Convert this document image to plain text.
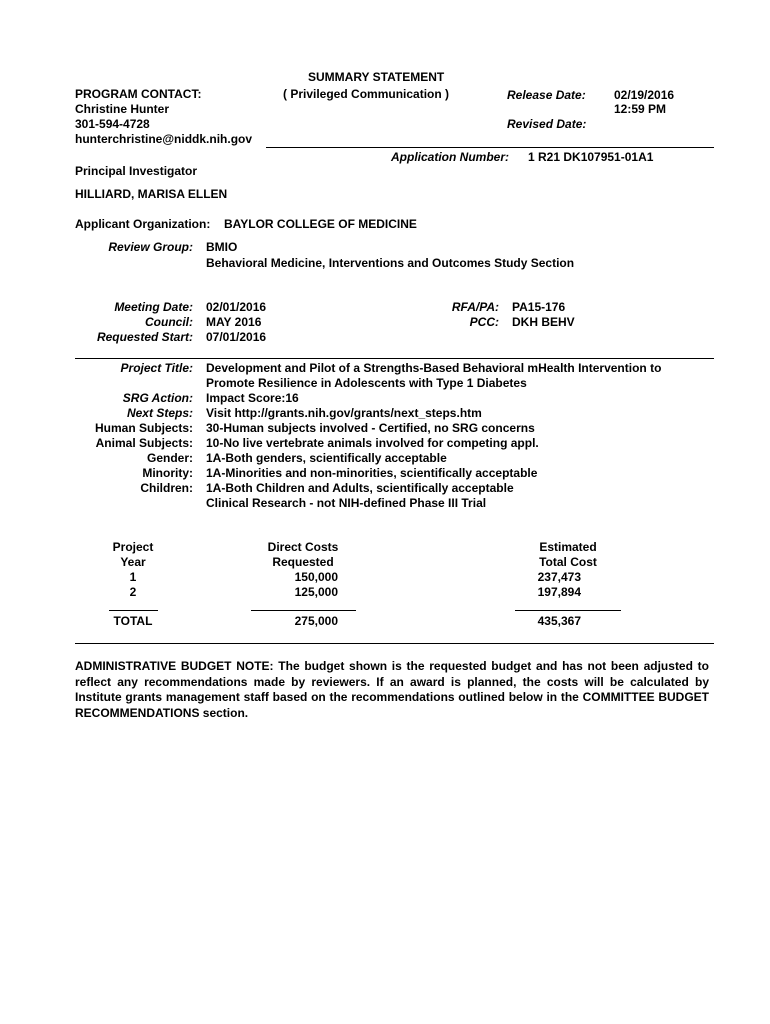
SUMMARY STATEMENT
( Privileged Communication )	Release Date: 02/19/2016
12:59 PM
Revised Date:
PROGRAM CONTACT:
Christine Hunter
301-594-4728
hunterchristine@niddk.nih.gov
Application Number: 1 R21 DK107951-01A1
Principal Investigator
HILLIARD, MARISA ELLEN
Applicant Organization: BAYLOR COLLEGE OF MEDICINE
Review Group: BMIO
Behavioral Medicine, Interventions and Outcomes Study Section
Meeting Date: 02/01/2016
Council: MAY 2016
Requested Start: 07/01/2016
RFA/PA: PA15-176
PCC: DKH BEHV
Project Title: Development and Pilot of a Strengths-Based Behavioral mHealth Intervention to
Promote Resilience in Adolescents with Type 1 Diabetes
SRG Action: Impact Score:16
Next Steps: Visit http://grants.nih.gov/grants/next_steps.htm
Human Subjects: 30-Human subjects involved - Certified, no SRG concerns
Animal Subjects: 10-No live vertebrate animals involved for competing appl.
Gender: 1A-Both genders, scientifically acceptable
Minority: 1A-Minorities and non-minorities, scientifically acceptable
Children: 1A-Both Children and Adults, scientifically acceptable
Clinical Research - not NIH-defined Phase III Trial
Project
Year
Direct Costs
Requested
Estimated
Total Cost
1	150,000	237,473
2	125,000	197,894
TOTAL	275,000	435,367
ADMINISTRATIVE BUDGET NOTE: The budget shown is the requested budget and has not been adjusted to reflect any recommendations made by reviewers. If an award is planned, the costs will be calculated by Institute grants management staff based on the recommendations outlined below in the COMMITTEE BUDGET RECOMMENDATIONS section.
